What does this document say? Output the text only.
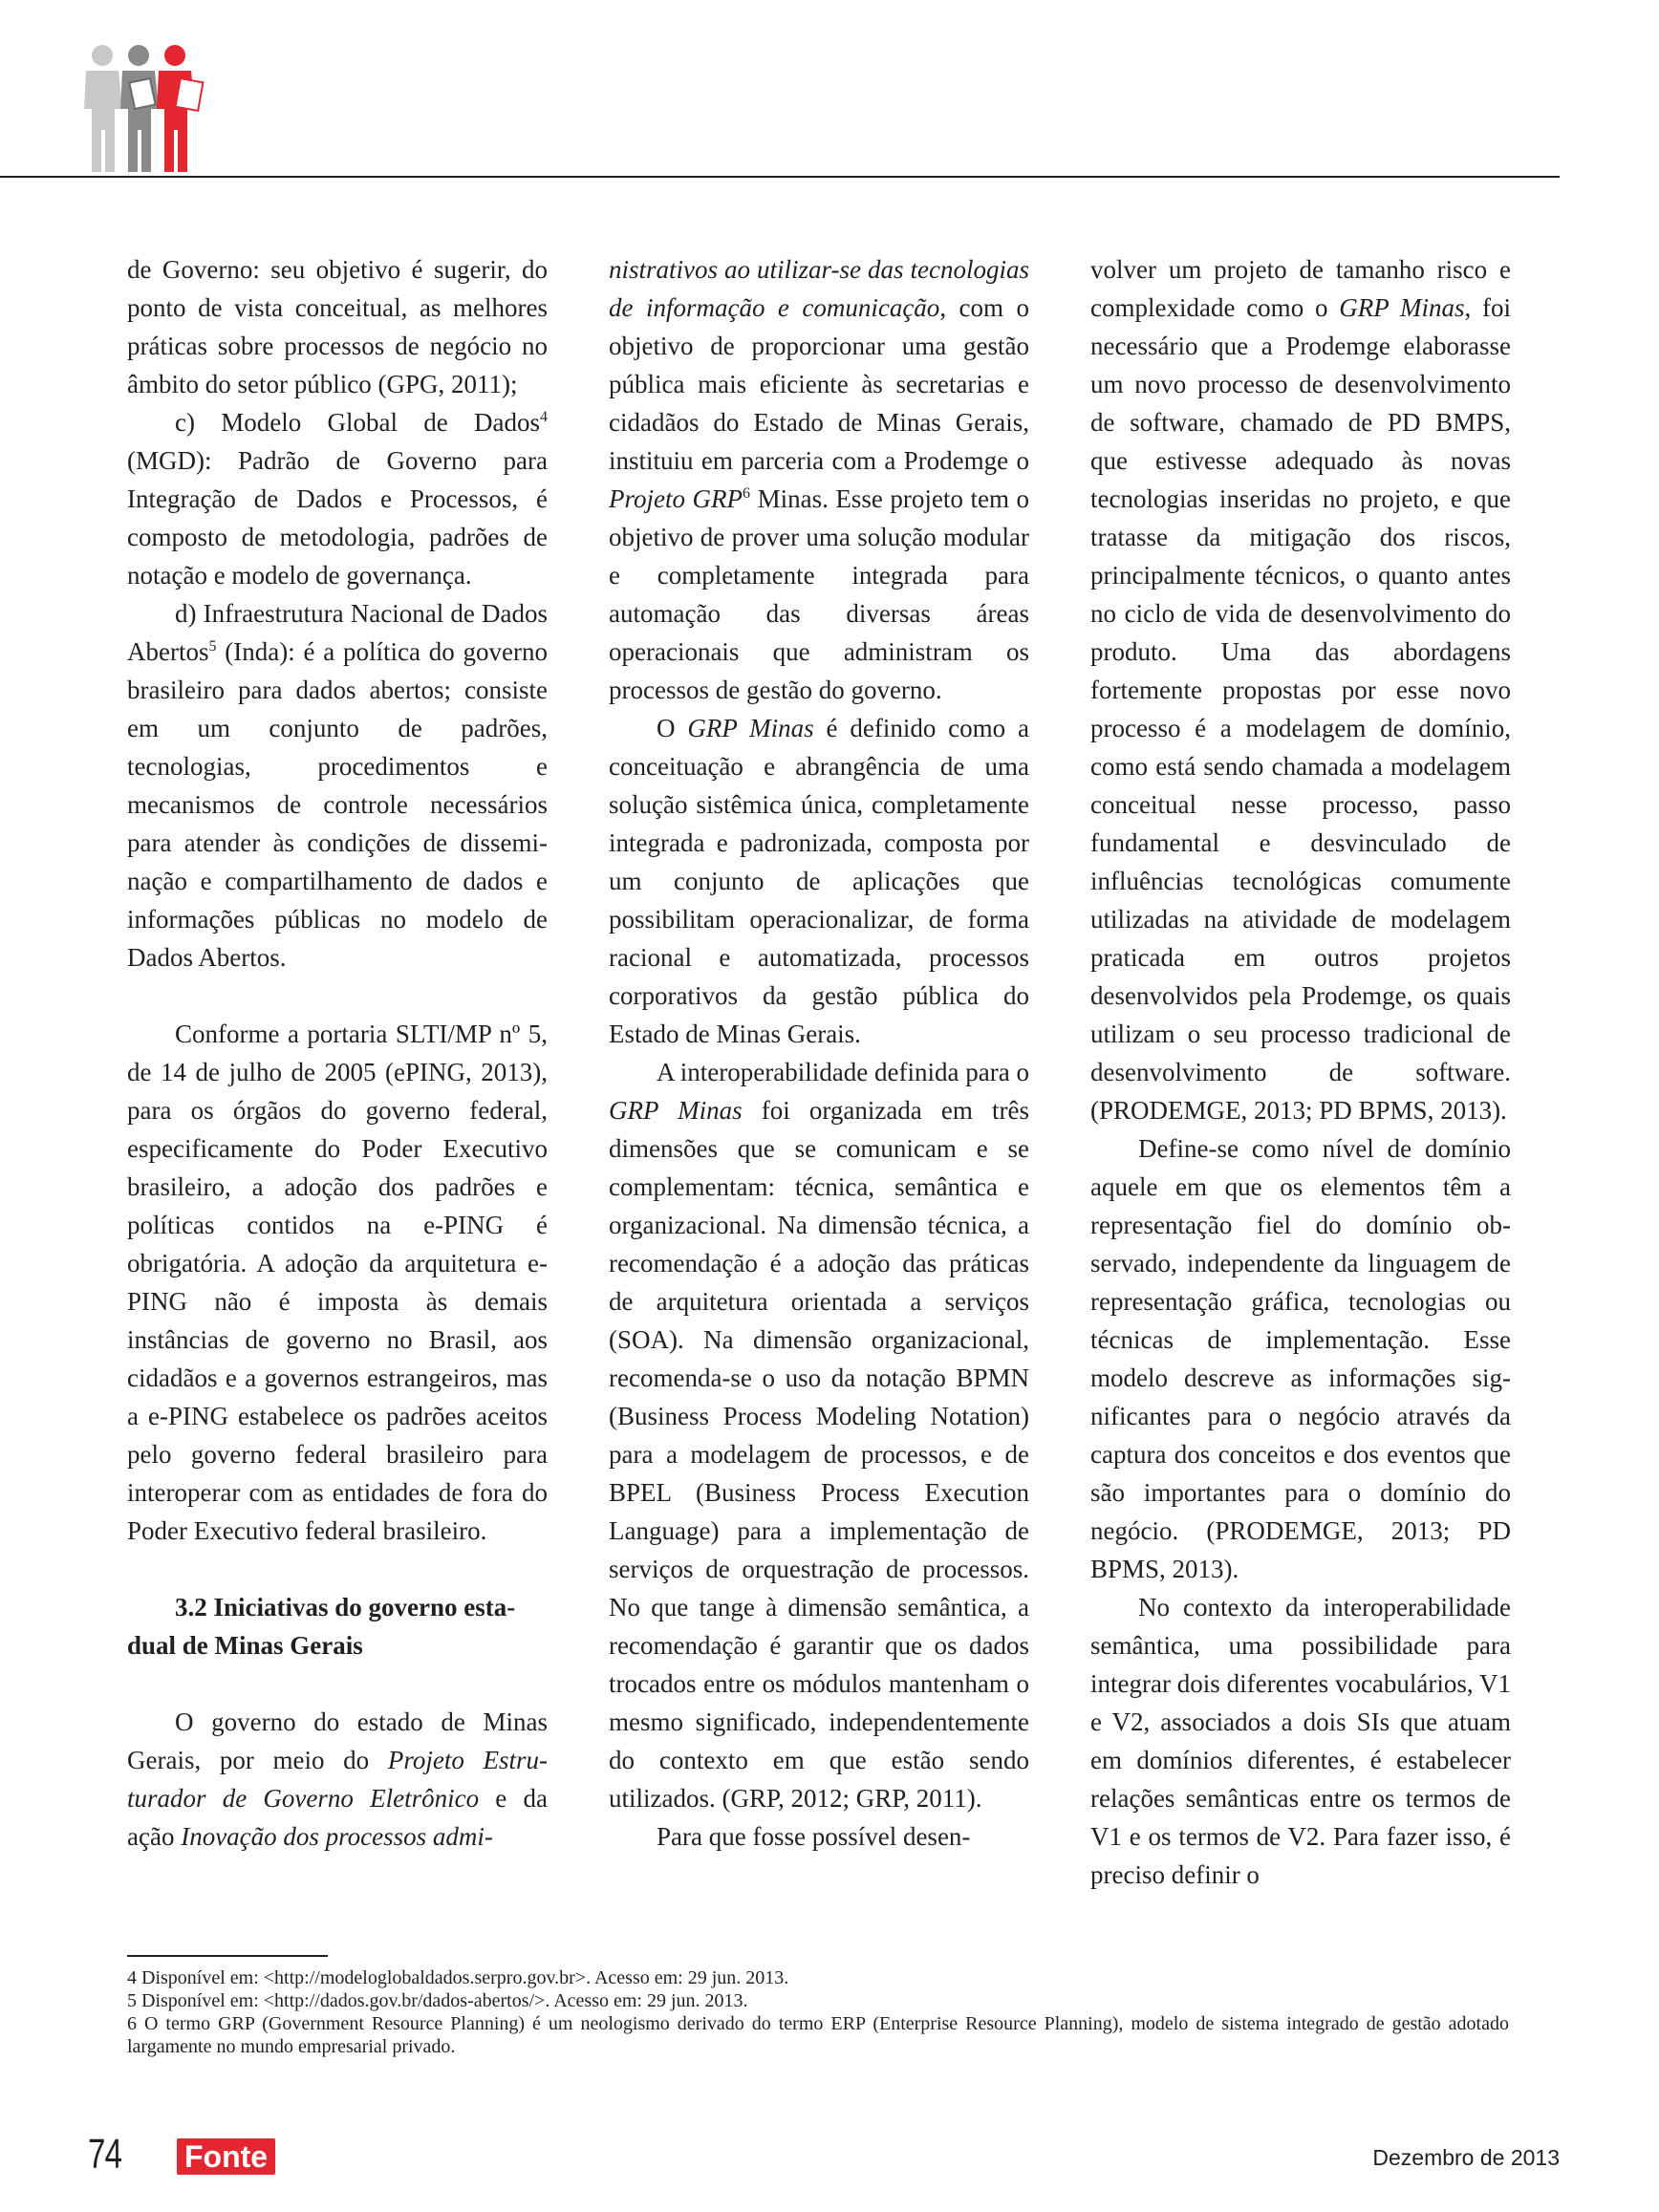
de Governo: seu objetivo é sugerir, do ponto de vista conceitual, as melhores práticas sobre processos de negócio no âmbito do setor público (GPG, 2011);

c) Modelo Global de Dados$^4$ (MGD): Padrão de Governo para Integração de Dados e Processos, é composto de metodologia, padrões de notação e modelo de governança.

d) Infraestrutura Nacional de Dados Abertos$^5$ (Inda): é a política do governo brasileiro para dados abertos; consiste em um conjunto de padrões, tecnologias, procedimentos e mecanismos de controle necessários para atender às condições de disseminação e compartilhamento de dados e informações públicas no modelo de Dados Abertos.

Conforme a portaria SLTI/MP nº 5, de 14 de julho de 2005 (ePING, 2013), para os órgãos do governo federal, especificamente do Poder Executivo brasileiro, a adoção dos padrões e políticas contidos na e-PING é obrigatória. A adoção da arquitetura e-PING não é imposta às demais instâncias de governo no Brasil, aos cidadãos e a governos estrangeiros, mas a e-PING estabelece os padrões aceitos pelo governo federal brasileiro para interoperar com as entidades de fora do Poder Executivo federal brasileiro.

3.2 Iniciativas do governo estadual de Minas Gerais

O governo do estado de Minas Gerais, por meio do Projeto Estruturador de Governo Eletrônico e da ação Inovação dos processos admi-

nistrativos ao utilizar-se das tecnologias de informação e comunicação, com o objetivo de proporcionar uma gestão pública mais eficiente às secretarias e cidadãos do Estado de Minas Gerais, instituiu em parceria com a Prodemge o Projeto GRP$^6$ Minas. Esse projeto tem o objetivo de prover uma solução modular e completamente integrada para automação das diversas áreas operacionais que administram os processos de gestão do governo.

O GRP Minas é definido como a conceituação e abrangência de uma solução sistêmica única, completamente integrada e padronizada, composta por um conjunto de aplicações que possibilitam operacionalizar, de forma racional e automatizada, processos corporativos da gestão pública do Estado de Minas Gerais.

A interoperabilidade definida para o GRP Minas foi organizada em três dimensões que se comunicam e se complementam: técnica, semântica e organizacional. Na dimensão técnica, a recomendação é a adoção das práticas de arquitetura orientada a serviços (SOA). Na dimensão organizacional, recomenda-se o uso da notação BPMN (Business Process Modeling Notation) para a modelagem de processos, e de BPEL (Business Process Execution Language) para a implementação de serviços de orquestração de processos. No que tange à dimensão semântica, a recomendação é garantir que os dados trocados entre os módulos mantenham o mesmo significado, independentemente do contexto em que estão sendo utilizados. (GRP, 2012; GRP, 2011).

Para que fosse possível desen-

volver um projeto de tamanho risco e complexidade como o GRP Minas, foi necessário que a Prodemge elaborasse um novo processo de desenvolvimento de software, chamado de PD BMPS, que estivesse adequado às novas tecnologias inseridas no projeto, e que tratasse da mitigação dos riscos, principalmente técnicos, o quanto antes no ciclo de vida de desenvolvimento do produto. Uma das abordagens fortemente propostas por esse novo processo é a modelagem de domínio, como está sendo chamada a modelagem conceitual nesse processo, passo fundamental e desvinculado de influências tecnológicas comumente utilizadas na atividade de modelagem praticada em outros projetos desenvolvidos pela Prodemge, os quais utilizam o seu processo tradicional de desenvolvimento de software. (PRODEMGE, 2013; PD BPMS, 2013).

Define-se como nível de domínio aquele em que os elementos têm a representação fiel do domínio observado, independente da linguagem de representação gráfica, tecnologias ou técnicas de implementação. Esse modelo descreve as informações significantes para o negócio através da captura dos conceitos e dos eventos que são importantes para o domínio do negócio. (PRODEMGE, 2013; PD BPMS, 2013).

No contexto da interoperabilidade semântica, uma possibilidade para integrar dois diferentes vocabulários, V1 e V2, associados a dois SIs que atuam em domínios diferentes, é estabelecer relações semânticas entre os termos de V1 e os termos de V2. Para fazer isso, é preciso definir o

4 Disponível em: <http://modeloglobaldados.serpro.gov.br>. Acesso em: 29 jun. 2013.

5 Disponível em: <http://dados.gov.br/dados-abertos/>. Acesso em: 29 jun. 2013.

6 O termo GRP (Government Resource Planning) é um neologismo derivado do termo ERP (Enterprise Resource Planning), modelo de sistema integrado de gestão adotado largamente no mundo empresarial privado.

74 Fonte	Dezembro de 2013
